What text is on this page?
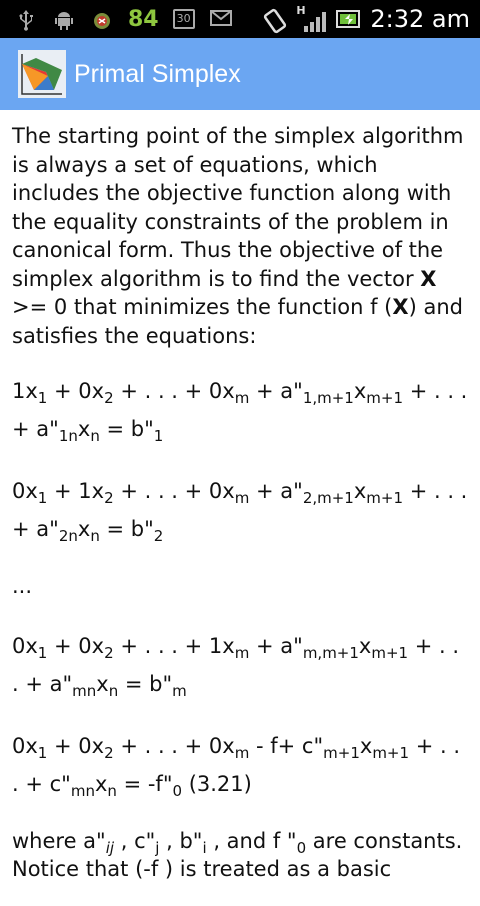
84	30
H	2:32 am
Primal Simplex

The starting point of the simplex algorithm is always a set of equations, which includes the objective function along with the equality constraints of the problem in canonical form. Thus the objective of the simplex algorithm is to find the vector X >= 0 that minimizes the function f (X) and satisfies the equations:

$1x_1 + 0x_2$ + . . . + $0x_m$ + $a"_{1,m+1}x_{m+1}$ + . . . + $a"_{1n}x_n$ = $b"_1$
$0x_1 + 1x_2$ + . . . + $0x_m$ + $a"_{2,m+1}x_{m+1}$ + . . . + $a"_{2n}x_n$ = $b"_2$

...

$0x_1 + 0x_2$ + . . . + $1x_m$ + $a"_{m,m+1}x_{m+1}$ + . . . + $a"_{mn}x_n$ = $b"_m$
$0x_1 + 0x_2$ + . . . + $0x_m - f+$ $c"_{m+1}x_{m+1}$ + . . . + $c"_{mn}x_n$ = $-f"_0$ (3.21)

where $a"_{ij}$ , $c"_j$ , $b"_i$ , and f "$_0$ are constants. Notice that (-f ) is treated as a basic
